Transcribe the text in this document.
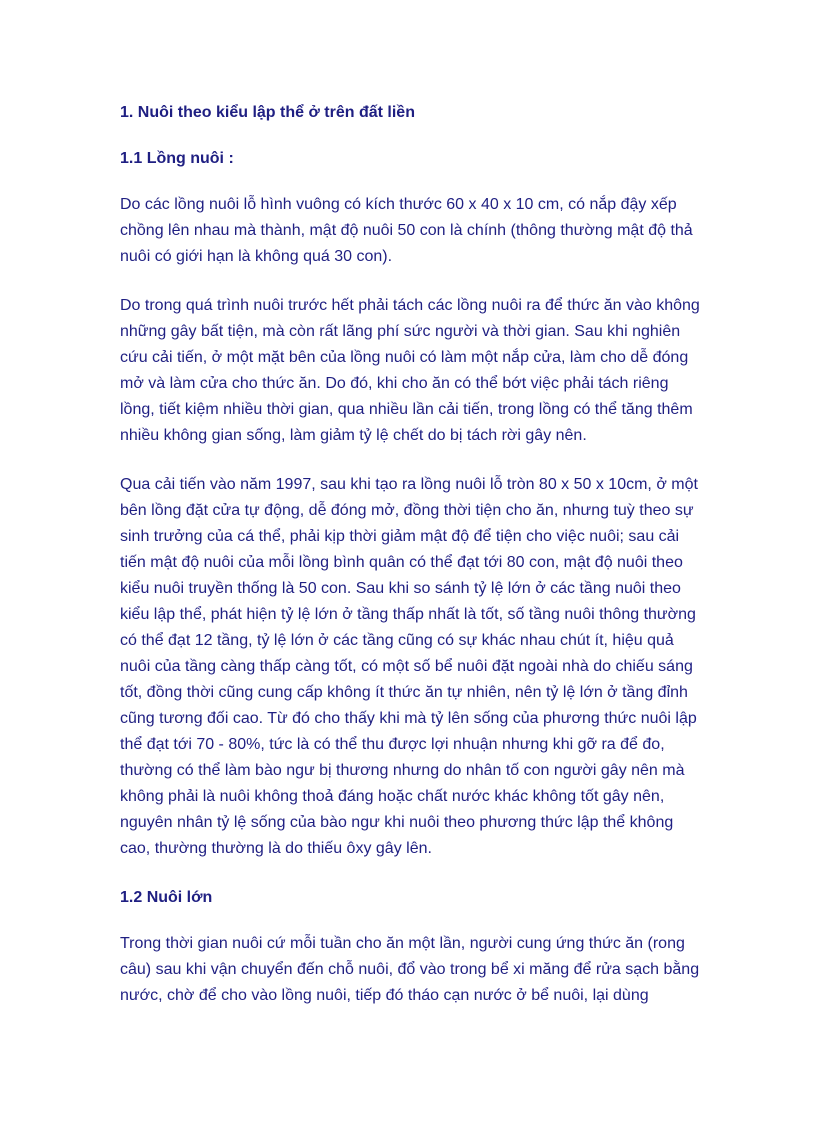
1. Nuôi theo kiểu lập thể ở trên đất liền
1.1 Lồng nuôi :

Do các lồng nuôi lỗ hình vuông có kích thước 60 x 40 x 10 cm, có nắp đậy xếp chồng lên nhau mà thành, mật độ nuôi 50 con là chính (thông thường mật độ thả nuôi có giới hạn là không quá 30 con).

Do trong quá trình nuôi trước hết phải tách các lồng nuôi ra để thức ăn vào không những gây bất tiện, mà còn rất lãng phí sức người và thời gian. Sau khi nghiên cứu cải tiến, ở một mặt bên của lồng nuôi có làm một nắp cửa, làm cho dễ đóng mở và làm cửa cho thức ăn. Do đó, khi cho ăn có thể bớt việc phải tách riêng lồng, tiết kiệm nhiều thời gian, qua nhiều lần cải tiến, trong lồng có thể tăng thêm nhiều không gian sống, làm giảm tỷ lệ chết do bị tách rời gây nên.

Qua cải tiến vào năm 1997, sau khi tạo ra lồng nuôi lỗ tròn 80 x 50 x 10cm, ở một bên lồng đặt cửa tự động, dễ đóng mở, đồng thời tiện cho ăn, nhưng tuỳ theo sự sinh trưởng của cá thể, phải kịp thời giảm mật độ để tiện cho việc nuôi; sau cải tiến mật độ nuôi của mỗi lồng bình quân có thể đạt tới 80 con, mật độ nuôi theo kiểu nuôi truyền thống là 50 con. Sau khi so sánh tỷ lệ lớn ở các tầng nuôi theo kiểu lập thể, phát hiện tỷ lệ lớn ở tầng thấp nhất là tốt, số tầng nuôi thông thường có thể đạt 12 tầng, tỷ lệ lớn ở các tầng cũng có sự khác nhau chút ít, hiệu quả nuôi của tầng càng thấp càng tốt, có một số bể nuôi đặt ngoài nhà do chiếu sáng tốt, đồng thời cũng cung cấp không ít thức ăn tự nhiên, nên tỷ lệ lớn ở tầng đỉnh cũng tương đối cao. Từ đó cho thấy khi mà tỷ lên sống của phương thức nuôi lập thể đạt tới 70 - 80%, tức là có thể thu được lợi nhuận nhưng khi gỡ ra để đo, thường có thể làm bào ngư bị thương nhưng do nhân tố con người gây nên mà không phải là nuôi không thoả đáng hoặc chất nước khác không tốt gây nên, nguyên nhân tỷ lệ sống của bào ngư khi nuôi theo phương thức lập thể không cao, thường thường là do thiếu ôxy gây lên.

1.2 Nuôi lớn

Trong thời gian nuôi cứ mỗi tuần cho ăn một lần, người cung ứng thức ăn (rong câu) sau khi vận chuyển đến chỗ nuôi, đổ vào trong bể xi măng để rửa sạch bằng nước, chờ để cho vào lồng nuôi, tiếp đó tháo cạn nước ở bể nuôi, lại dùng
